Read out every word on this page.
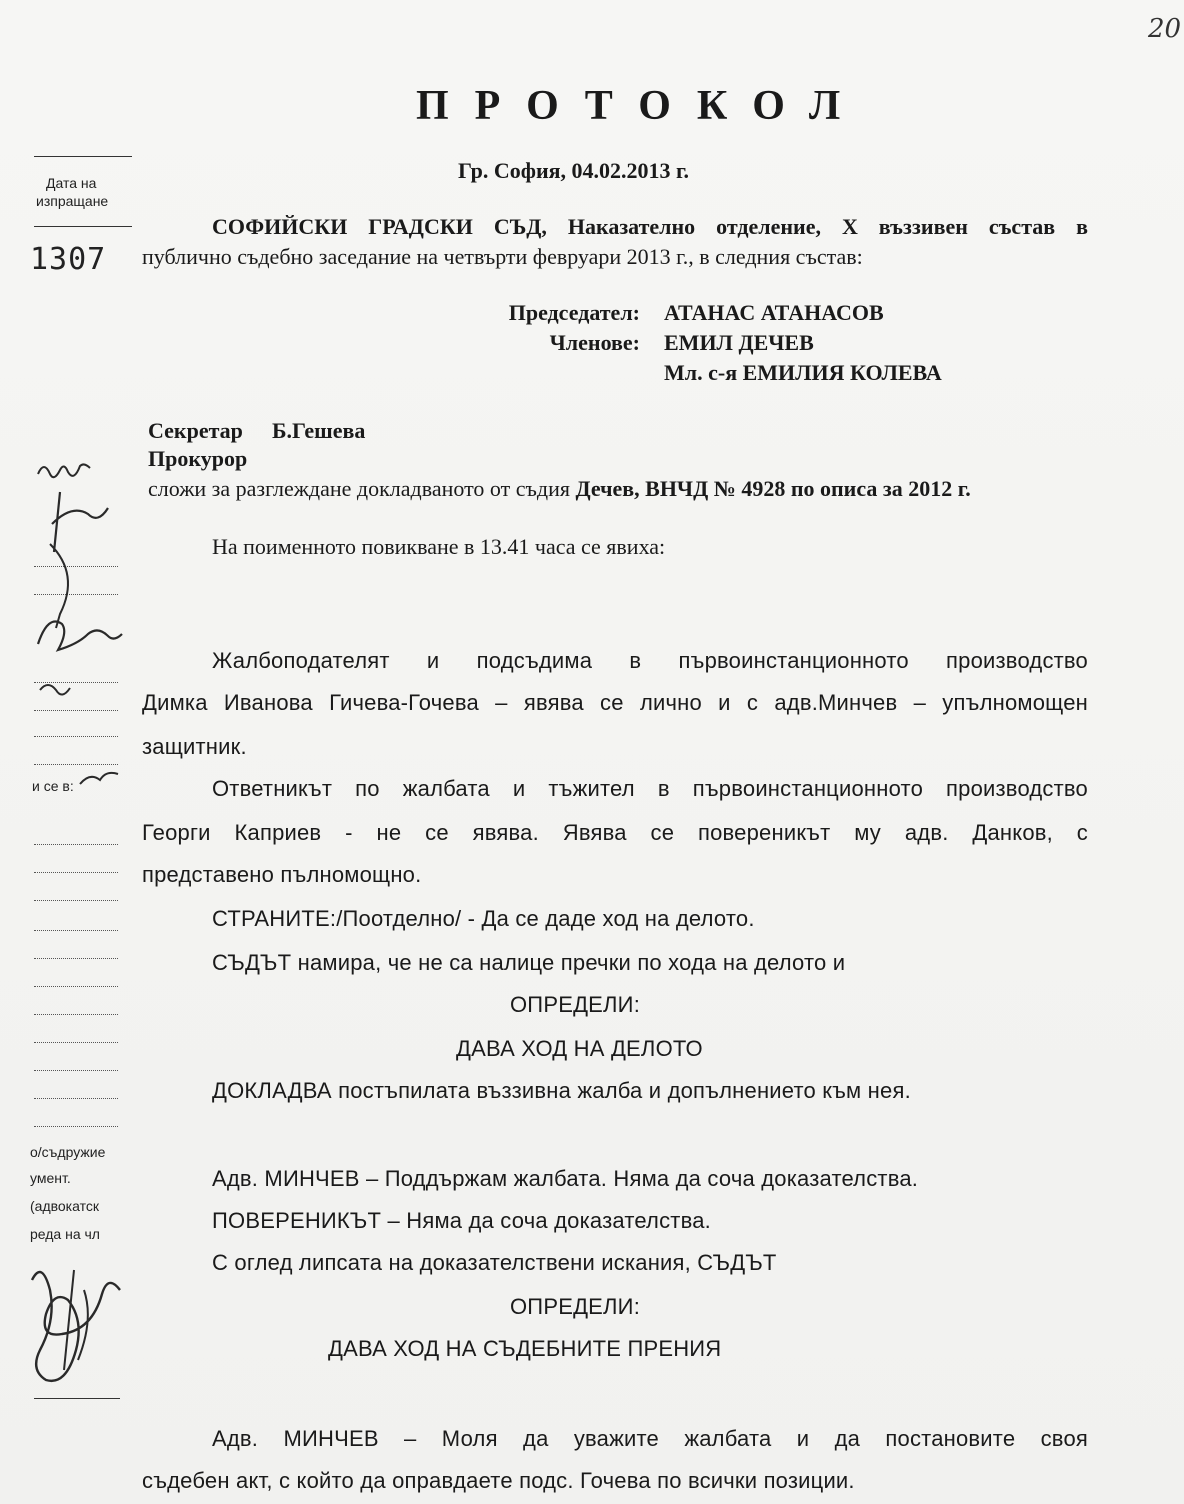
20
ПРОТОКОЛ
Гр. София, 04.02.2013 г.
СОФИЙСКИ ГРАДСКИ СЪД, Наказателно отделение, Х въззивен състав в
публично съдебно заседание на четвърти февруари 2013 г., в следния състав:
Председател: АТАНАС АТАНАСОВ
Членове: ЕМИЛ ДЕЧЕВ
Мл. с-я ЕМИЛИЯ КОЛЕВА
Секретар Б.Гешева
Прокурор
сложи за разглеждане докладваното от съдия Дечев, ВНЧД № 4928 по описа за 2012 г.
На поименното повикване в 13.41 часа се явиха:
Жалбоподателят и подсъдима в първоинстанционното производство
Димка Иванова Гичева-Гочева – явява се лично и с адв.Минчев – упълномощен
защитник.
Ответникът по жалбата и тъжител в първоинстанционното производство
Георги Каприев - не се явява. Явява се повереникът му адв. Данков, с
представено пълномощно.
СТРАНИТЕ:/Поотделно/ - Да се даде ход на делото.
СЪДЪТ намира, че не са налице пречки по хода на делото и
ОПРЕДЕЛИ:
ДАВА ХОД НА ДЕЛОТО
ДОКЛАДВА постъпилата въззивна жалба и допълнението към нея.
Адв. МИНЧЕВ – Поддържам жалбата. Няма да соча доказателства.
ПОВЕРЕНИКЪТ – Няма да соча доказателства.
С оглед липсата на доказателствени искания, СЪДЪТ
ОПРЕДЕЛИ:
ДАВА ХОД НА СЪДЕБНИТЕ ПРЕНИЯ
Адв. МИНЧЕВ – Моля да уважите жалбата и да постановите своя
съдебен акт, с който да оправдаете подс. Гочева по всички позиции.
Дата на
изпращане
1307
и се в:
о/съдружие
умент.
(адвокатск
реда на чл
